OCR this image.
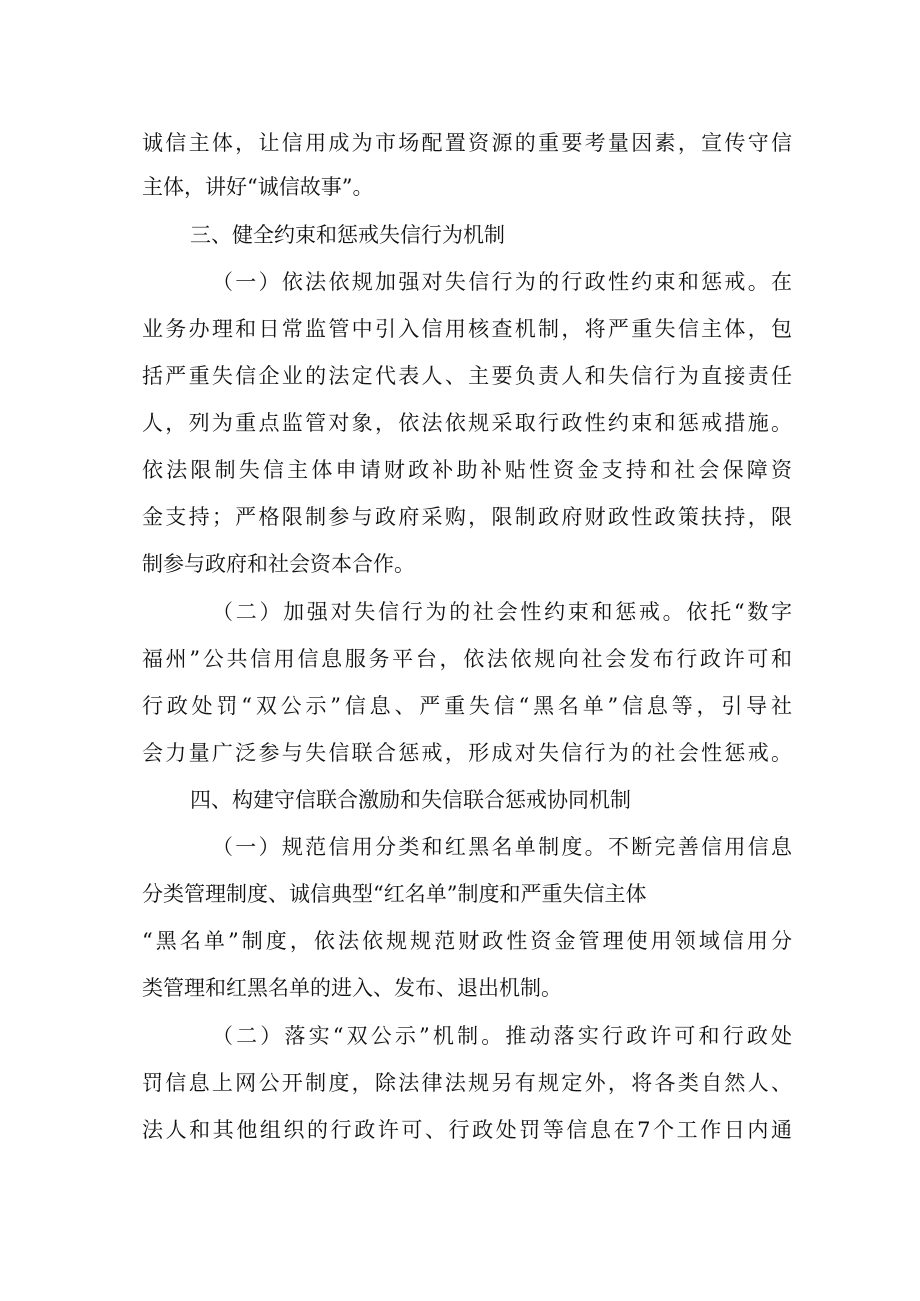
诚信主体，让信用成为市场配置资源的重要考量因素，宣传守信
主体，讲好“诚信故事”。
三、健全约束和惩戒失信行为机制
（一）依法依规加强对失信行为的行政性约束和惩戒。在
业务办理和日常监管中引入信用核查机制，将严重失信主体，包
括严重失信企业的法定代表人、主要负责人和失信行为直接责任
人，列为重点监管对象，依法依规采取行政性约束和惩戒措施。
依法限制失信主体申请财政补助补贴性资金支持和社会保障资
金支持；严格限制参与政府采购，限制政府财政性政策扶持，限
制参与政府和社会资本合作。
（二）加强对失信行为的社会性约束和惩戒。依托“数字
福州”公共信用信息服务平台，依法依规向社会发布行政许可和
行政处罚“双公示”信息、严重失信“黑名单”信息等，引导社
会力量广泛参与失信联合惩戒，形成对失信行为的社会性惩戒。
四、构建守信联合激励和失信联合惩戒协同机制
（一）规范信用分类和红黑名单制度。不断完善信用信息
分类管理制度、诚信典型“红名单”制度和严重失信主体
“黑名单”制度，依法依规规范财政性资金管理使用领域信用分
类管理和红黑名单的进入、发布、退出机制。
（二）落实“双公示”机制。推动落实行政许可和行政处
罚信息上网公开制度，除法律法规另有规定外，将各类自然人、
法人和其他组织的行政许可、行政处罚等信息在7个工作日内通
